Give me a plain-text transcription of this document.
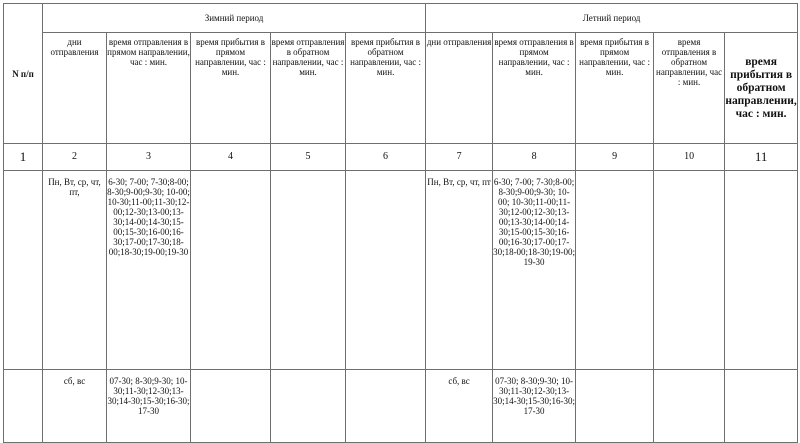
N п/п	Зимний период					Летний период				
	дни отправления	время отправления в прямом направлении, час : мин.	время прибытия в прямом направлении, час : мин.	время отправления в обратном направлении, час : мин.	время прибытия в обратном направлении, час : мин.	дни отправления	время отправления в прямом направлении, час : мин.	время прибытия в прямом направлении, час : мин.	время отправления в обратном направлении, час : мин.	время прибытия в обратном направлении, час : мин.
1	2	3	4	5	6	7	8	9	10	11
	Пн, Вт, ср, чт, пт,	6-30; 7-00; 7-30;8-00; 8-30;9-00;9-30; 10-00; 10-30;11-00;11-30;12-00;12-30;13-00;13-30;14-00;14-30;15-00;15-30;16-00;16-30;17-00;17-30;18-00;18-30;19-00;19-30				Пн, Вт, ср, чт, пт	6-30; 7-00; 7-30;8-00; 8-30;9-00;9-30; 10-00; 10-30;11-00;11-30;12-00;12-30;13-00;13-30;14-00;14-30;15-00;15-30;16-00;16-30;17-00;17-30;18-00;18-30;19-00; 19-30			
	сб, вс	07-30; 8-30;9-30; 10-30;11-30;12-30;13-30;14-30;15-30;16-30; 17-30				сб, вс	07-30; 8-30;9-30; 10-30;11-30;12-30;13-30;14-30;15-30;16-30; 17-30			
